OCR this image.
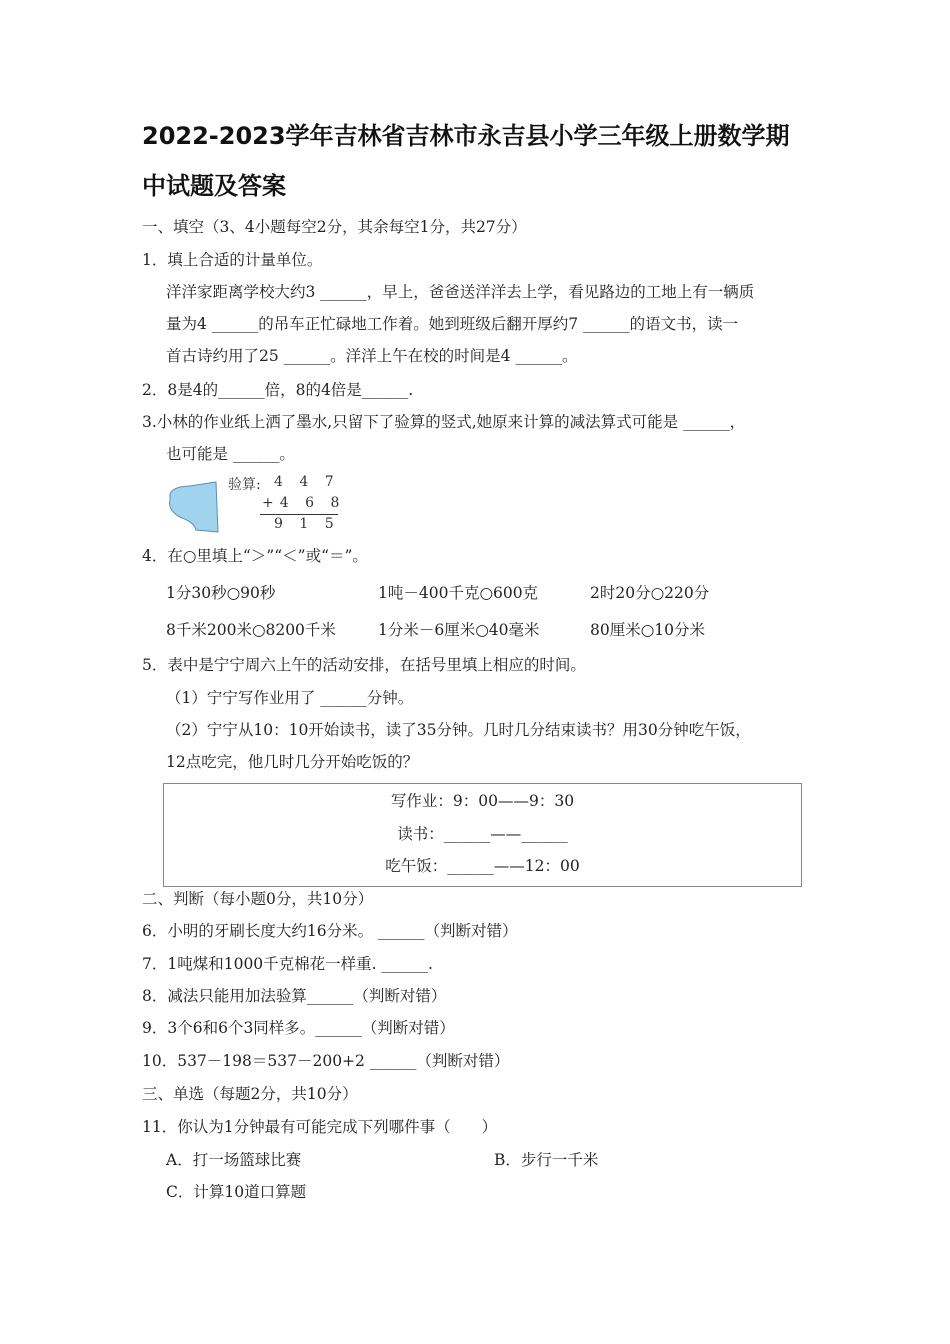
2022-2023学年吉林省吉林市永吉县小学三年级上册数学期
中试题及答案
一、填空（3、4小题每空2分，其余每空1分，共27分）
1．填上合适的计量单位。
洋洋家距离学校大约3 ______，早上，爸爸送洋洋去上学，看见路边的工地上有一辆质
量为4 ______的吊车正忙碌地工作着。她到班级后翻开厚约7 ______的语文书，读一
首古诗约用了25 ______。洋洋上午在校的时间是4 ______。
2．8是4的______倍，8的4倍是______.
3.小林的作业纸上洒了墨水,只留下了验算的竖式,她原来计算的减法算式可能是 ______，
也可能是 ______。
验算: 4 4 7
+4 6 8
9 1 5
4．在○里填上“＞”“＜”或“＝”。
1分30秒○90秒	1吨－400千克○600克	2时20分○220分
8千米200米○8200千米	1分米－6厘米○40毫米	80厘米○10分米
5．表中是宁宁周六上午的活动安排，在括号里填上相应的时间。
（1）宁宁写作业用了 ______分钟。
（2）宁宁从10：10开始读书，读了35分钟。几时几分结束读书？用30分钟吃午饭，
12点吃完，他几时几分开始吃饭的？
写作业：9：00——9：30
读书：______——______
吃午饭：______——12：00
二、判断（每小题0分，共10分）
6．小明的牙刷长度大约16分米。 ______（判断对错）
7．1吨煤和1000千克棉花一样重. ______.
8．减法只能用加法验算______（判断对错）
9．3个6和6个3同样多。______（判断对错）
10．537－198＝537－200+2 ______（判断对错）
三、单选（每题2分，共10分）
11．你认为1分钟最有可能完成下列哪件事（　　）
A．打一场篮球比赛	B．步行一千米
C．计算10道口算题
